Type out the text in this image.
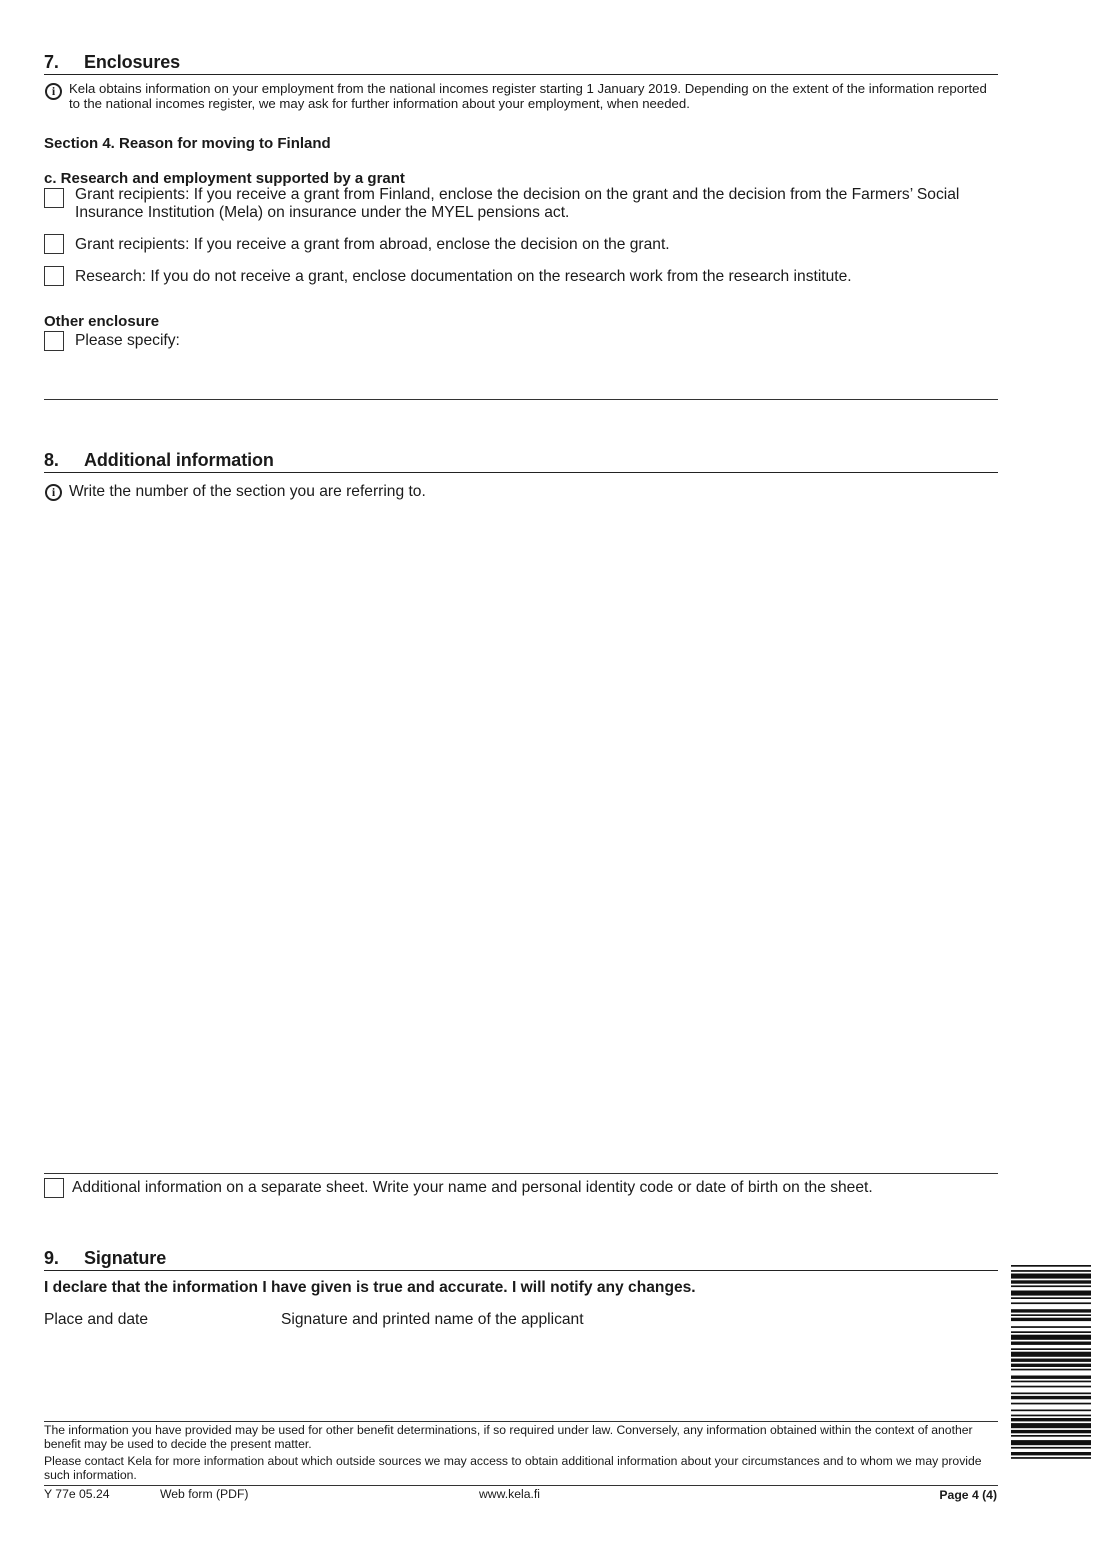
7. Enclosures
i	Kela obtains information on your employment from the national incomes register starting 1 January 2019. Depending on the extent of the information reported to the national incomes register, we may ask for further information about your employment, when needed.
Section 4. Reason for moving to Finland
c. Research and employment supported by a grant
Grant recipients: If you receive a grant from Finland, enclose the decision on the grant and the decision from the Farmers’ Social Insurance Institution (Mela) on insurance under the MYEL pensions act.
Grant recipients: If you receive a grant from abroad, enclose the decision on the grant.
Research: If you do not receive a grant, enclose documentation on the research work from the research institute.
Other enclosure
Please specify:
8. Additional information
i Write the number of the section you are referring to.
Additional information on a separate sheet. Write your name and personal identity code or date of birth on the sheet.
9. Signature
I declare that the information I have given is true and accurate. I will notify any changes.
Place and date	Signature and printed name of the applicant
The information you have provided may be used for other benefit determinations, if so required under law. Conversely, any information obtained within the context of another benefit may be used to decide the present matter.
Please contact Kela for more information about which outside sources we may access to obtain additional information about your circumstances and to whom we may provide such information.
Y 77e 05.24	Web form (PDF)	www.kela.fi	Page 4 (4)
